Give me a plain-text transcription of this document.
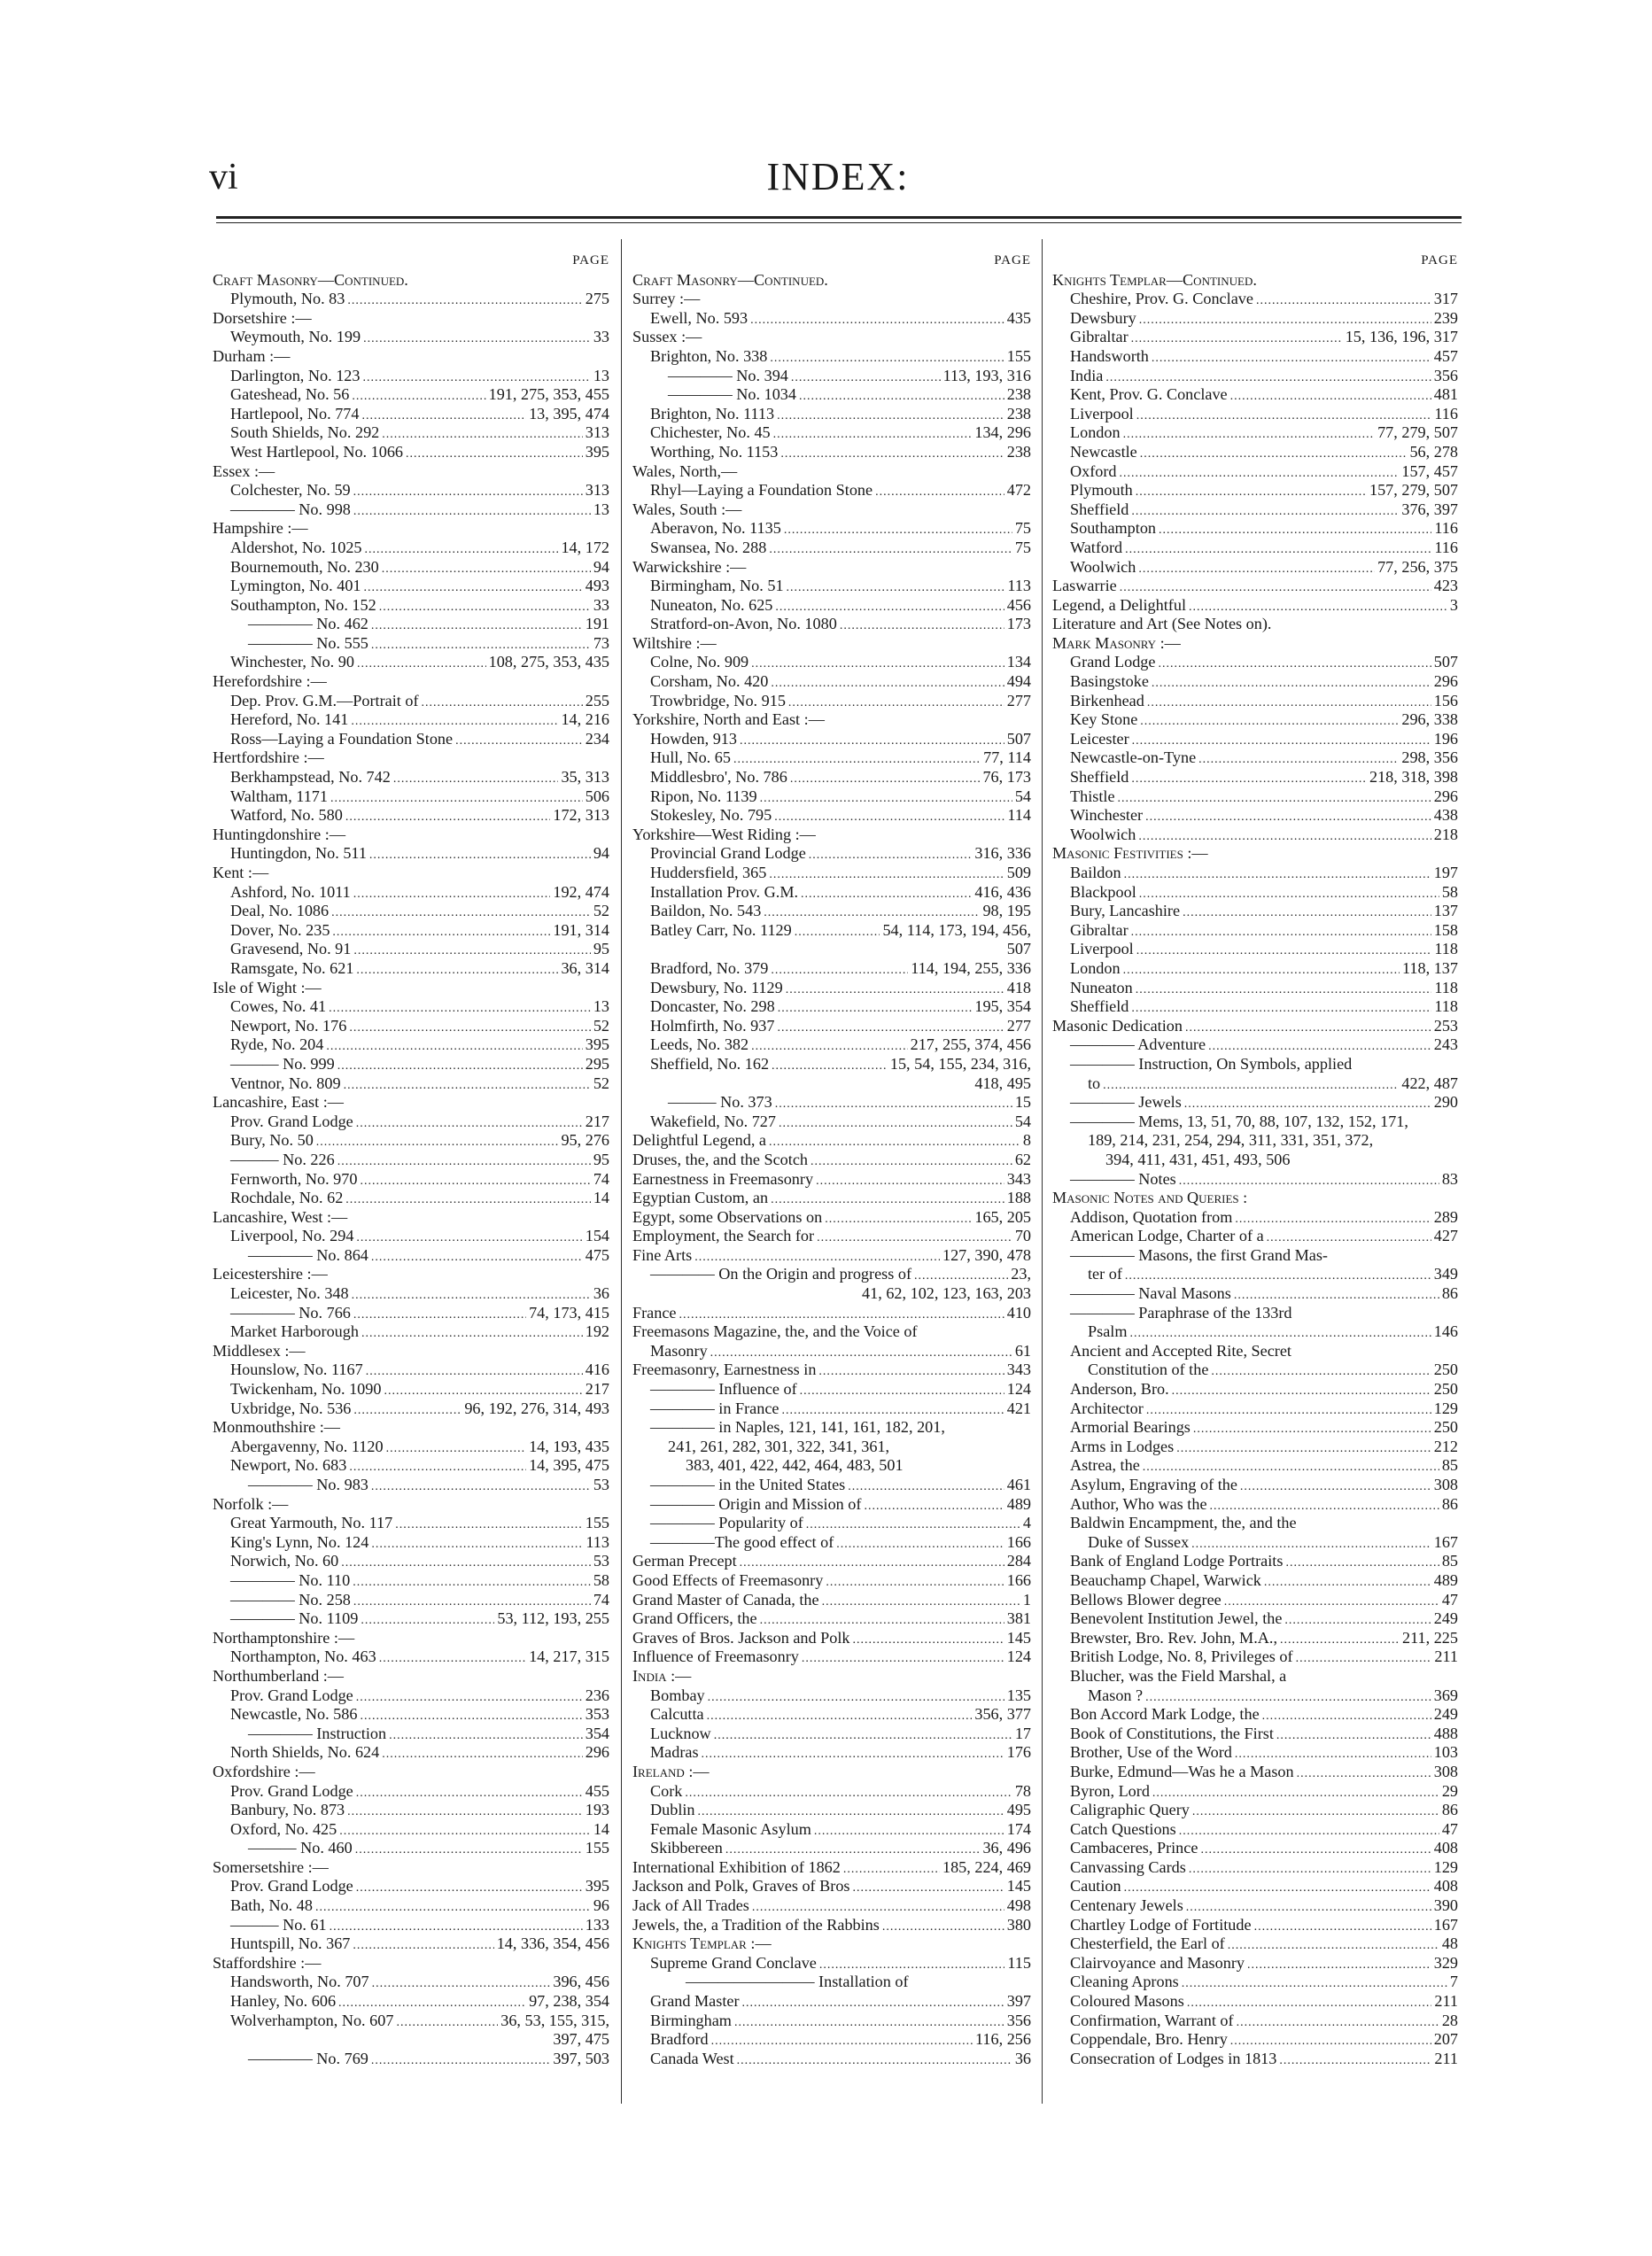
vi	INDEX:
PAGE
Craft Masonry—Continued.
Plymouth, No. 83 .....	275
Dorsetshire :—
Weymouth, No. 199 .....	33
Durham :—
Darlington, No. 123 .....	13
Gateshead, No. 56 .....	191, 275, 353, 455
Hartlepool, No. 774 .....	13, 395, 474
South Shields, No. 292 .....	313
West Hartlepool, No. 1066 .....	395
Essex :—
Colchester, No. 59 .....	313
———— No. 998 .....	13
Hampshire :—
Aldershot, No. 1025 .....	14, 172
Bournemouth, No. 230 .....	94
Lymington, No. 401 .....	493
Southampton, No. 152 .....	33
———— No. 462 .....	191
———— No. 555 .....	73
Winchester, No. 90 .....	108, 275, 353, 435
Herefordshire :—
Dep. Prov. G.M.—Portrait of .....	255
Hereford, No. 141 .....	14, 216
Ross—Laying a Foundation Stone .....	234
Hertfordshire :—
Berkhampstead, No. 742 .....	35, 313
Waltham, 1171 .....	506
Watford, No. 580 .....	172, 313
Huntingdonshire :—
Huntingdon, No. 511 .....	94
Kent :—
Ashford, No. 1011 .....	192, 474
Deal, No. 1086 .....	52
Dover, No. 235 .....	191, 314
Gravesend, No. 91 .....	95
Ramsgate, No. 621 .....	36, 314
Isle of Wight :—
Cowes, No. 41 .....	13
Newport, No. 176 .....	52
Ryde, No. 204 .....	395
——— No. 999 .....	295
Ventnor, No. 809 .....	52
Lancashire, East :—
Prov. Grand Lodge .....	217
Bury, No. 50 .....	95, 276
——— No. 226 .....	95
Fernworth, No. 970 .....	74
Rochdale, No. 62 .....	14
Lancashire, West :—
Liverpool, No. 294 .....	154
———— No. 864 .....	475
Leicestershire :—
Leicester, No. 348 .....	36
———— No. 766 .....	74, 173, 415
Market Harborough .....	192
Middlesex :—
Hounslow, No. 1167 .....	416
Twickenham, No. 1090 .....	217
Uxbridge, No. 536 .....	96, 192, 276, 314, 493
Monmouthshire :—
Abergavenny, No. 1120 .....	14, 193, 435
Newport, No. 683 .....	14, 395, 475
———— No. 983 .....	53
Norfolk :—
Great Yarmouth, No. 117 .....	155
King's Lynn, No. 124 .....	113
Norwich, No. 60 .....	53
———— No. 110 .....	58
———— No. 258 .....	74
———— No. 1109 .....	53, 112, 193, 255
Northamptonshire :—
Northampton, No. 463 .....	14, 217, 315
Northumberland :—
Prov. Grand Lodge .....	236
Newcastle, No. 586 .....	353
———— Instruction .....	354
North Shields, No. 624 .....	296
Oxfordshire :—
Prov. Grand Lodge .....	455
Banbury, No. 873 .....	193
Oxford, No. 425 .....	14
——— No. 460 .....	155
Somersetshire :—
Prov. Grand Lodge .....	395
Bath, No. 48 .....	96
——— No. 61 .....	133
Huntspill, No. 367 .....	14, 336, 354, 456
Staffordshire :—
Handsworth, No. 707 .....	396, 456
Hanley, No. 606 .....	97, 238, 354
Wolverhampton, No. 607 .....	36, 53, 155, 315,
397, 475
———— No. 769 .....	397, 503
PAGE
Craft Masonry—Continued.
Surrey :—
Ewell, No. 593 .....	435
Sussex :—
Brighton, No. 338 .....	155
———— No. 394 .....	113, 193, 316
———— No. 1034 .....	238
Brighton, No. 1113 .....	238
Chichester, No. 45 .....	134, 296
Worthing, No. 1153 .....	238
Wales, North,—
Rhyl—Laying a Foundation Stone .....	472
Wales, South :—
Aberavon, No. 1135 .....	75
Swansea, No. 288 .....	75
Warwickshire :—
Birmingham, No. 51 .....	113
Nuneaton, No. 625 .....	456
Stratford-on-Avon, No. 1080 .....	173
Wiltshire :—
Colne, No. 909 .....	134
Corsham, No. 420 .....	494
Trowbridge, No. 915 .....	277
Yorkshire, North and East :—
Howden, 913 .....	507
Hull, No. 65 .....	77, 114
Middlesbro', No. 786 .....	76, 173
Ripon, No. 1139 .....	54
Stokesley, No. 795 .....	114
Yorkshire—West Riding :—
Provincial Grand Lodge .....	316, 336
Huddersfield, 365 .....	509
Installation Prov. G.M. .....	416, 436
Baildon, No. 543 .....	98, 195
Batley Carr, No. 1129 .....	54, 114, 173, 194, 456,
507
Bradford, No. 379 .....	114, 194, 255, 336
Dewsbury, No. 1129 .....	418
Doncaster, No. 298 .....	195, 354
Holmfirth, No. 937 .....	277
Leeds, No. 382 .....	217, 255, 374, 456
Sheffield, No. 162 .....	15, 54, 155, 234, 316,
418, 495
——— No. 373 .....	15
Wakefield, No. 727 .....	54
Delightful Legend, a .....	8
Druses, the, and the Scotch .....	62
Earnestness in Freemasonry .....	343
Egyptian Custom, an .....	188
Egypt, some Observations on .....	165, 205
Employment, the Search for .....	70
Fine Arts .....	127, 390, 478
———— On the Origin and progress of .....	23,
41, 62, 102, 123, 163, 203
France .....	410
Freemasons Magazine, the, and the Voice of
Masonry .....	61
Freemasonry, Earnestness in .....	343
———— Influence of .....	124
———— in France .....	421
———— in Naples, 121, 141, 161, 182, 201,
241, 261, 282, 301, 322, 341, 361,
383, 401, 422, 442, 464, 483, 501
———— in the United States .....	461
———— Origin and Mission of .....	489
———— Popularity of .....	4
————The good effect of .....	166
German Precept .....	284
Good Effects of Freemasonry .....	166
Grand Master of Canada, the .....	1
Grand Officers, the .....	381
Graves of Bros. Jackson and Polk .....	145
Influence of Freemasonry .....	124
India :—
Bombay .....	135
Calcutta .....	356, 377
Lucknow .....	17
Madras .....	176
Ireland :—
Cork .....	78
Dublin .....	495
Female Masonic Asylum .....	174
Skibbereen .....	36, 496
International Exhibition of 1862 .....	185, 224, 469
Jackson and Polk, Graves of Bros .....	145
Jack of All Trades .....	498
Jewels, the, a Tradition of the Rabbins .....	380
Knights Templar :—
Supreme Grand Conclave .....	115
———————— Installation of
Grand Master .....	397
Birmingham .....	356
Bradford .....	116, 256
Canada West .....	36
PAGE
Knights Templar—Continued.
Cheshire, Prov. G. Conclave .....	317
Dewsbury .....	239
Gibraltar .....	15, 136, 196, 317
Handsworth .....	457
India .....	356
Kent, Prov. G. Conclave .....	481
Liverpool .....	116
London .....	77, 279, 507
Newcastle .....	56, 278
Oxford .....	157, 457
Plymouth .....	157, 279, 507
Sheffield .....	376, 397
Southampton .....	116
Watford .....	116
Woolwich .....	77, 256, 375
Laswarrie .....	423
Legend, a Delightful .....	3
Literature and Art (See Notes on).
Mark Masonry :—
Grand Lodge .....	507
Basingstoke .....	296
Birkenhead .....	156
Key Stone .....	296, 338
Leicester .....	196
Newcastle-on-Tyne .....	298, 356
Sheffield .....	218, 318, 398
Thistle .....	296
Winchester .....	438
Woolwich .....	218
Masonic Festivities :—
Baildon .....	197
Blackpool .....	58
Bury, Lancashire .....	137
Gibraltar .....	158
Liverpool .....	118
London .....	118, 137
Nuneaton .....	118
Sheffield .....	118
Masonic Dedication .....	253
———— Adventure .....	243
———— Instruction, On Symbols, applied
to .....	422, 487
———— Jewels .....	290
———— Mems, 13, 51, 70, 88, 107, 132, 152, 171,
189, 214, 231, 254, 294, 311, 331, 351, 372,
394, 411, 431, 451, 493, 506
———— Notes .....	83
Masonic Notes and Queries :
Addison, Quotation from .....	289
American Lodge, Charter of a .....	427
———— Masons, the first Grand Mas-
ter of .....	349
———— Naval Masons .....	86
———— Paraphrase of the 133rd
Psalm .....	146
Ancient and Accepted Rite, Secret
Constitution of the .....	250
Anderson, Bro. .....	250
Architector .....	129
Armorial Bearings .....	250
Arms in Lodges .....	212
Astrea, the .....	85
Asylum, Engraving of the .....	308
Author, Who was the .....	86
Baldwin Encampment, the, and the
Duke of Sussex .....	167
Bank of England Lodge Portraits .....	85
Beauchamp Chapel, Warwick .....	489
Bellows Blower degree .....	47
Benevolent Institution Jewel, the .....	249
Brewster, Bro. Rev. John, M.A., .....	211, 225
British Lodge, No. 8, Privileges of .....	211
Blucher, was the Field Marshal, a
Mason ? .....	369
Bon Accord Mark Lodge, the .....	249
Book of Constitutions, the First .....	488
Brother, Use of the Word .....	103
Burke, Edmund—Was he a Mason .....	308
Byron, Lord .....	29
Caligraphic Query .....	86
Catch Questions .....	47
Cambaceres, Prince .....	408
Canvassing Cards .....	129
Caution .....	408
Centenary Jewels .....	390
Chartley Lodge of Fortitude .....	167
Chesterfield, the Earl of .....	48
Clairvoyance and Masonry .....	329
Cleaning Aprons .....	7
Coloured Masons .....	211
Confirmation, Warrant of .....	28
Coppendale, Bro. Henry .....	207
Consecration of Lodges in 1813 .....	211
